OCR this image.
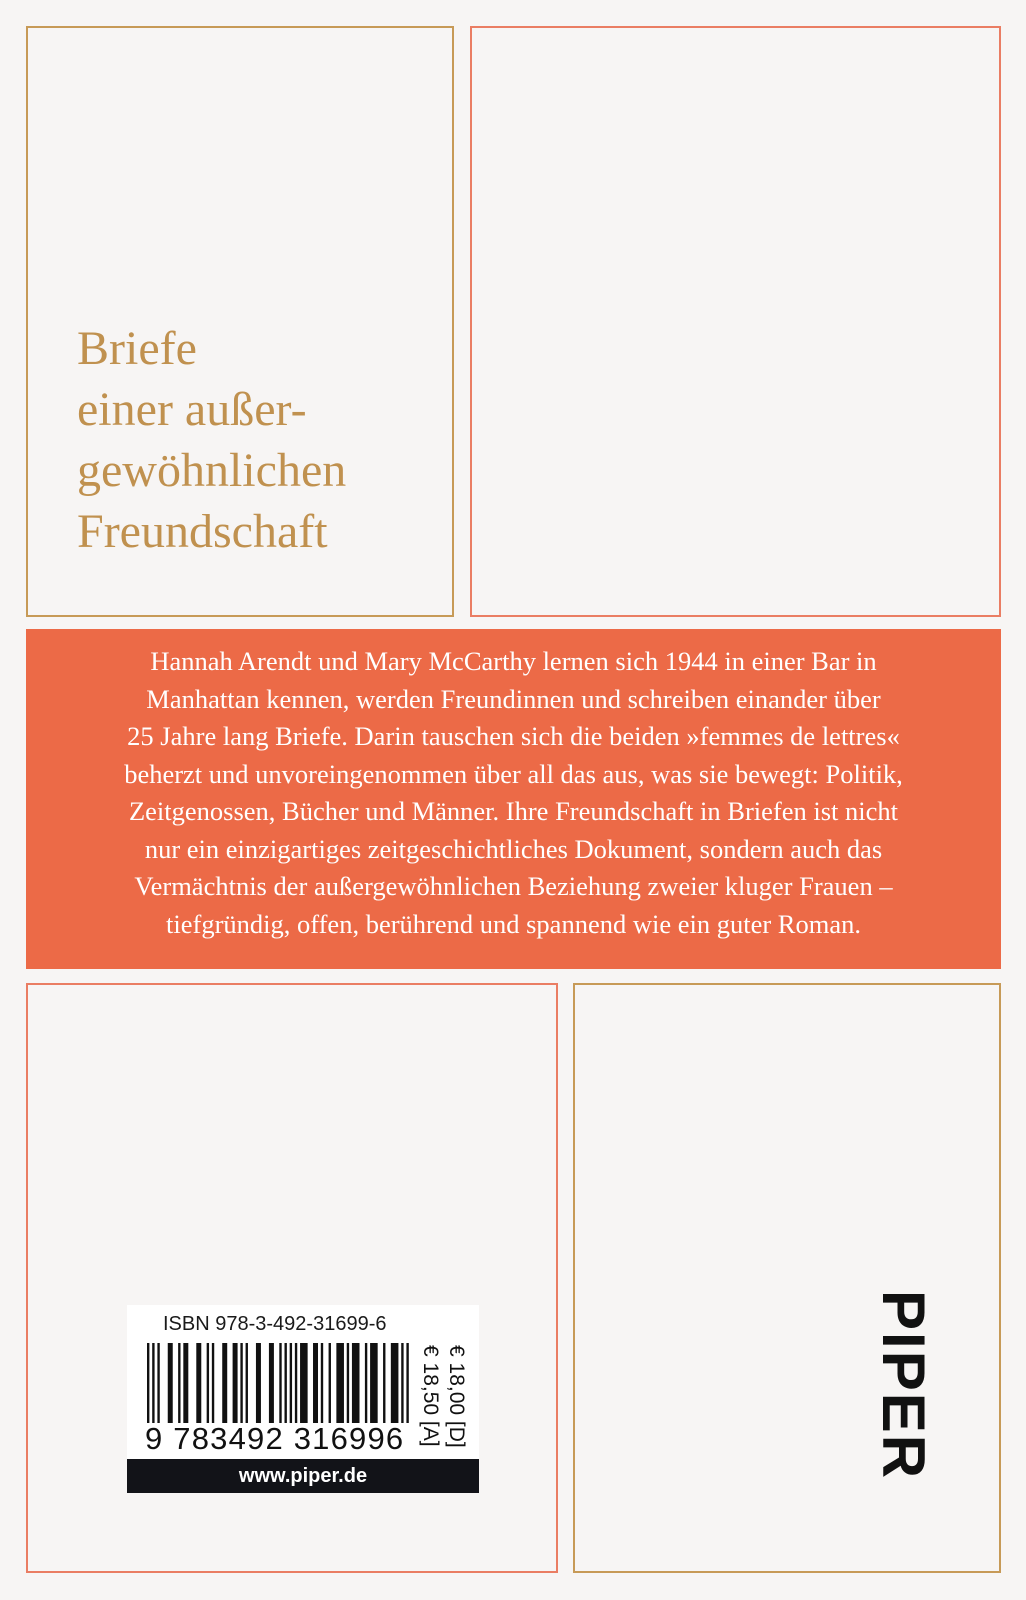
Briefe
einer außer-
gewöhnlichen
Freundschaft
Hannah Arendt und Mary McCarthy lernen sich 1944 in einer Bar in
Manhattan kennen, werden Freundinnen und schreiben einander über
25 Jahre lang Briefe. Darin tauschen sich die beiden »femmes de lettres«
beherzt und unvoreingenommen über all das aus, was sie bewegt: Politik,
Zeitgenossen, Bücher und Männer. Ihre Freundschaft in Briefen ist nicht
nur ein einzigartiges zeitgeschichtliches Dokument, sondern auch das
Vermächtnis der außergewöhnlichen Beziehung zweier kluger Frauen –
tiefgründig, offen, berührend und spannend wie ein guter Roman.
ISBN 978-3-492-31699-6
9 783492 316996 € 18,00 [D]
€ 18,50 [A]
www.piper.de	PIPER
